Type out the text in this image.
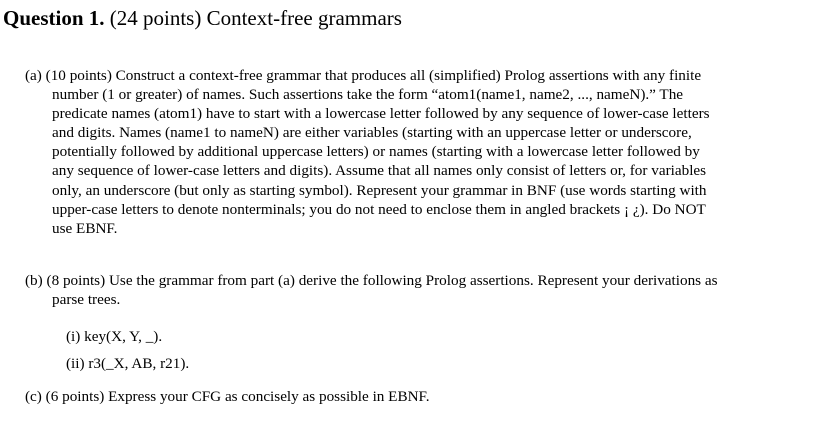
Question 1. (24 points) Context-free grammars
(a) (10 points) Construct a context-free grammar that produces all (simplified) Prolog assertions with any finite
number (1 or greater) of names. Such assertions take the form “atom1(name1, name2, ..., nameN).” The
predicate names (atom1) have to start with a lowercase letter followed by any sequence of lower-case letters
and digits. Names (name1 to nameN) are either variables (starting with an uppercase letter or underscore,
potentially followed by additional uppercase letters) or names (starting with a lowercase letter followed by
any sequence of lower-case letters and digits). Assume that all names only consist of letters or, for variables
only, an underscore (but only as starting symbol). Represent your grammar in BNF (use words starting with
upper-case letters to denote nonterminals; you do not need to enclose them in angled brackets ¡ ¿). Do NOT
use EBNF.
(b) (8 points) Use the grammar from part (a) derive the following Prolog assertions. Represent your derivations as
parse trees.
(i) key(X, Y, _).
(ii) r3(_X, AB, r21).
(c) (6 points) Express your CFG as concisely as possible in EBNF.
